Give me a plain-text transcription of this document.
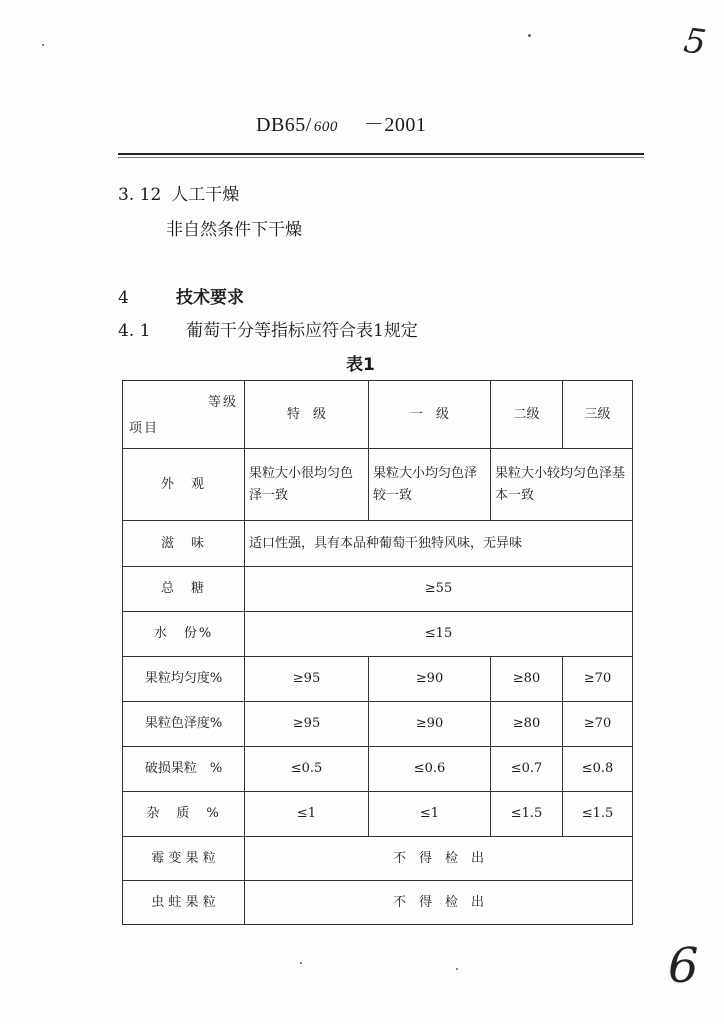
5
6
DB65/ 600 －2001
3. 12 人工干燥
非自然条件下干燥
4	技术要求
4. 1 葡萄干分等指标应符合表1规定
表1
等级
项目	特　级	一　级	二级	三级
外　观	果粒大小很均匀色泽一致	果粒大小均匀色泽较一致	果粒大小较均匀色泽基本一致	
滋　味	适口性强，具有本品种葡萄干独特风味，无异味			
总　糖	≥55			
水　份%	≤15			
果粒均匀度%	≥95	≥90	≥80	≥70
果粒色泽度%	≥95	≥90	≥80	≥70
破损果粒　%	≤0.5	≤0.6	≤0.7	≤0.8
杂　质　%	≤1	≤1	≤1.5	≤1.5
霉 变 果 粒	不　得　检　出			
虫 蛀 果 粒	不　得　检　出			
